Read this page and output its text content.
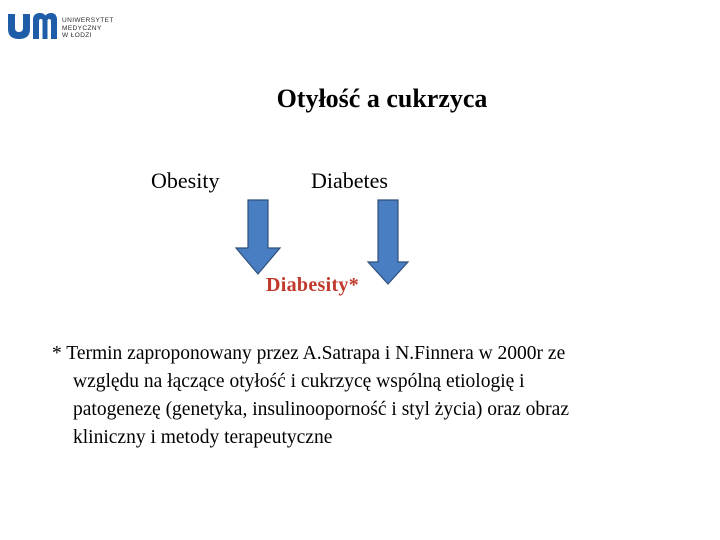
UNIWERSYTET
MEDYCZNY
W ŁODZI
Otyłość a cukrzyca
Obesity	Diabetes
Diabesity*
* Termin zaproponowany przez A.Satrapa i N.Finnera w 2000r ze
względu na łączące otyłość i cukrzycę wspólną etiologię i
patogenezę (genetyka, insulinooporność i styl życia) oraz obraz
kliniczny i metody terapeutyczne
